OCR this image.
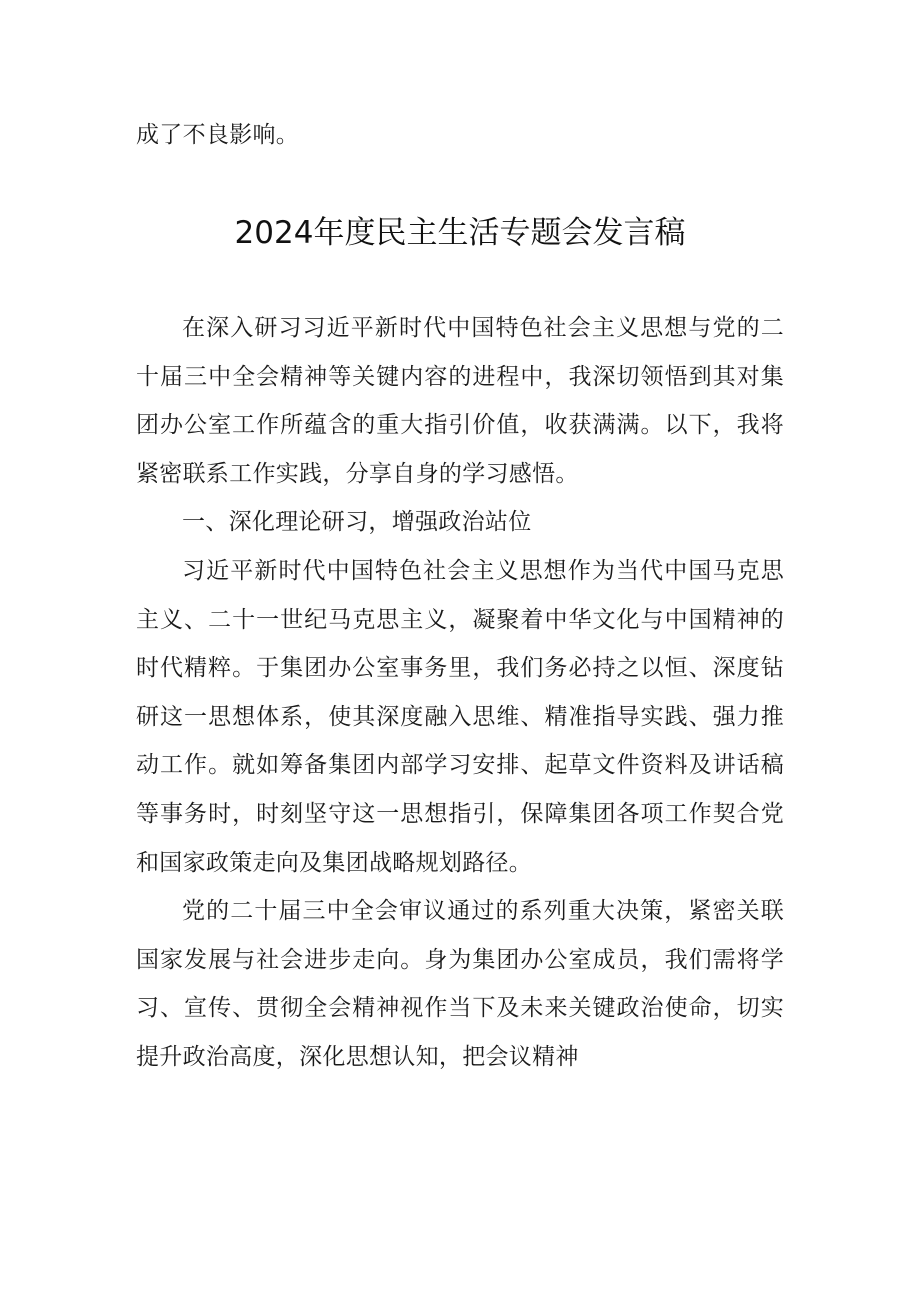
成了不良影响。

2024年度民主生活专题会发言稿

在深入研习习近平新时代中国特色社会主义思想与党的二十届三中全会精神等关键内容的进程中，我深切领悟到其对集团办公室工作所蕴含的重大指引价值，收获满满。以下，我将紧密联系工作实践，分享自身的学习感悟。

一、深化理论研习，增强政治站位

习近平新时代中国特色社会主义思想作为当代中国马克思主义、二十一世纪马克思主义，凝聚着中华文化与中国精神的时代精粹。于集团办公室事务里，我们务必持之以恒、深度钻研这一思想体系，使其深度融入思维、精准指导实践、强力推动工作。就如筹备集团内部学习安排、起草文件资料及讲话稿等事务时，时刻坚守这一思想指引，保障集团各项工作契合党和国家政策走向及集团战略规划路径。

党的二十届三中全会审议通过的系列重大决策，紧密关联国家发展与社会进步走向。身为集团办公室成员，我们需将学习、宣传、贯彻全会精神视作当下及未来关键政治使命，切实提升政治高度，深化思想认知，把会议精神
